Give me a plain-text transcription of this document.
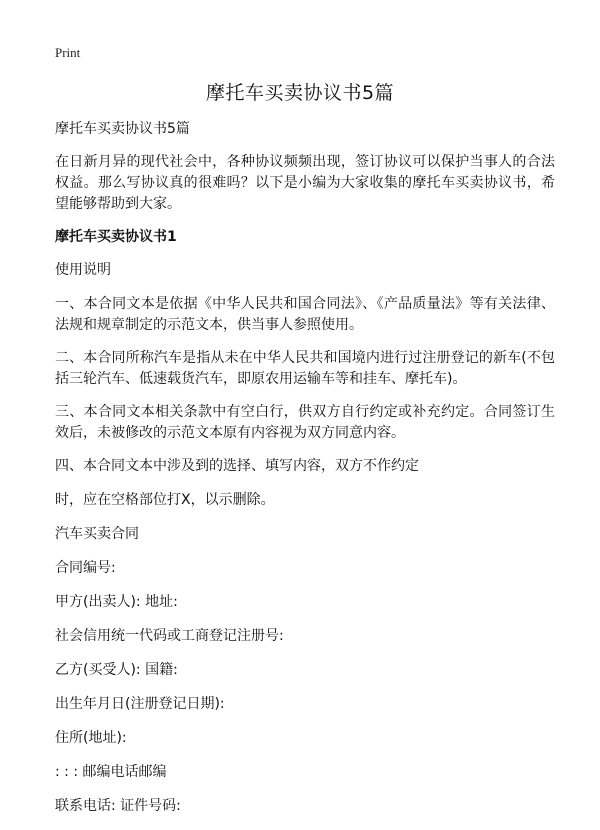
Print
摩托车买卖协议书5篇

摩托车买卖协议书5篇

在日新月异的现代社会中，各种协议频频出现，签订协议可以保护当事人的合法权益。那么写协议真的很难吗？以下是小编为大家收集的摩托车买卖协议书，希望能够帮助到大家。

摩托车买卖协议书1

使用说明

一、本合同文本是依据《中华人民共和国合同法》、《产品质量法》等有关法律、法规和规章制定的示范文本，供当事人参照使用。

二、本合同所称汽车是指从未在中华人民共和国境内进行过注册登记的新车(不包括三轮汽车、低速载货汽车，即原农用运输车等和挂车、摩托车)。

三、本合同文本相关条款中有空白行，供双方自行约定或补充约定。合同签订生效后，未被修改的示范文本原有内容视为双方同意内容。

四、本合同文本中涉及到的选择、填写内容，双方不作约定

时，应在空格部位打X，以示删除。

汽车买卖合同

合同编号:

甲方(出卖人): 地址:

社会信用统一代码或工商登记注册号:

乙方(买受人): 国籍:

出生年月日(注册登记日期):

住所(地址):

: : : 邮编电话邮编

联系电话: 证件号码:
